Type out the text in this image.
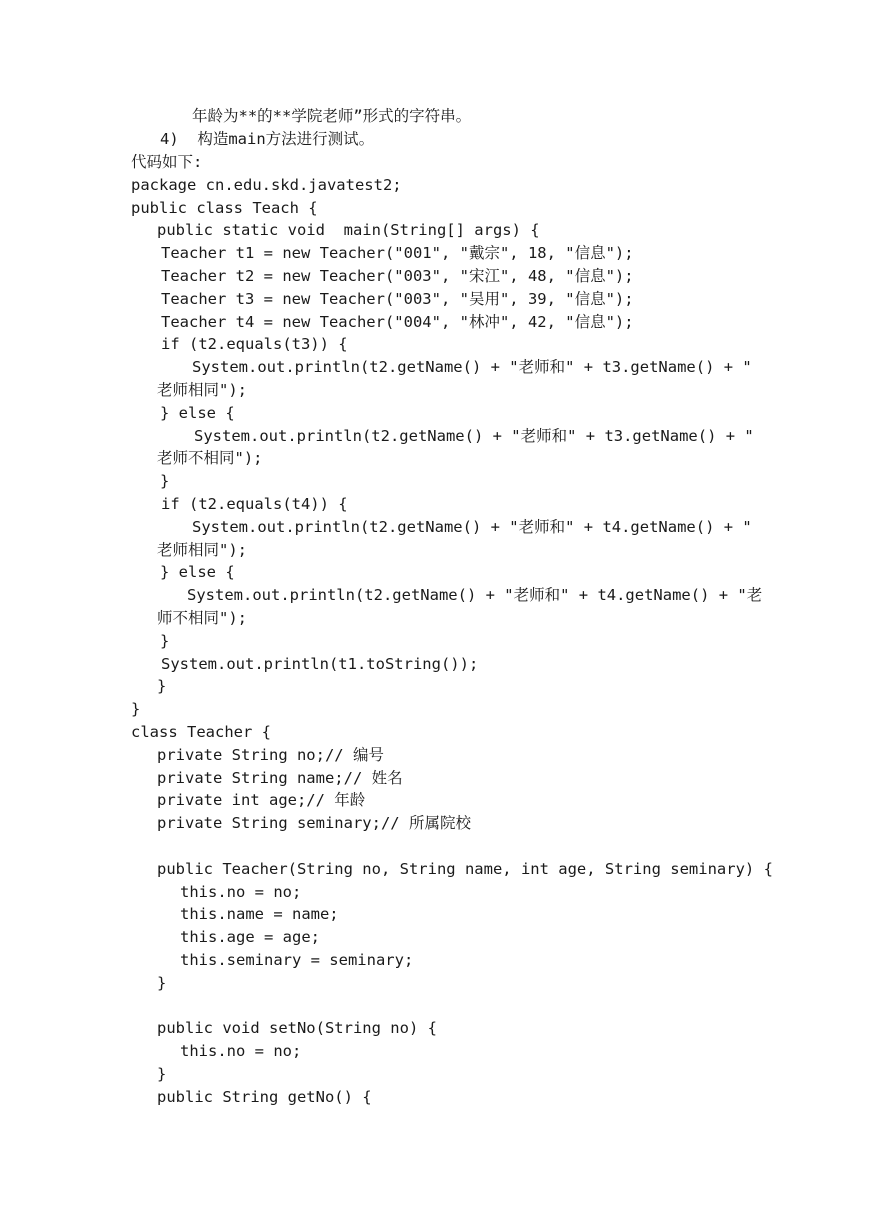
年龄为**的**学院老师”形式的字符串。
4)  构造main方法进行测试。
代码如下:
package cn.edu.skd.javatest2;
public class Teach {
public static void  main(String[] args) {
Teacher t1 = new Teacher("001", "戴宗", 18, "信息");
Teacher t2 = new Teacher("003", "宋江", 48, "信息");
Teacher t3 = new Teacher("003", "吴用", 39, "信息");
Teacher t4 = new Teacher("004", "林冲", 42, "信息");
if (t2.equals(t3)) {
System.out.println(t2.getName() + "老师和" + t3.getName() + "
老师相同");
} else {
System.out.println(t2.getName() + "老师和" + t3.getName() + "
老师不相同");
}
if (t2.equals(t4)) {
System.out.println(t2.getName() + "老师和" + t4.getName() + "
老师相同");
} else {
System.out.println(t2.getName() + "老师和" + t4.getName() + "老
师不相同");
}
System.out.println(t1.toString());
}
}
class Teacher {
private String no;// 编号
private String name;// 姓名
private int age;// 年龄
private String seminary;// 所属院校
public Teacher(String no, String name, int age, String seminary) {
this.no = no;
this.name = name;
this.age = age;
this.seminary = seminary;
}
public void setNo(String no) {
this.no = no;
}
public String getNo() {
